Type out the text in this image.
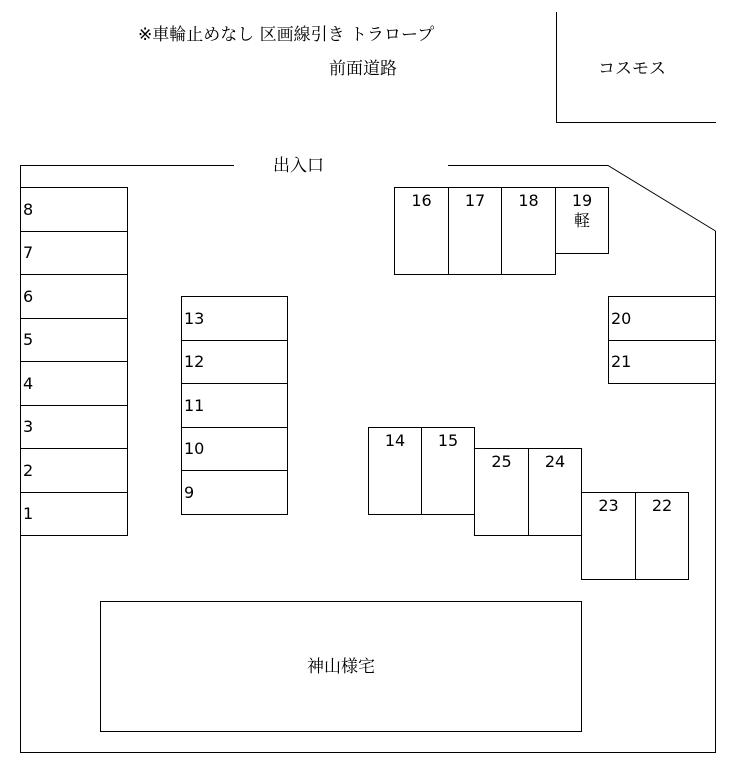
※車輪止めなし 区画線引き トラロープ
前面道路	コスモス
出入口
8
7
6
5
4
3
2
1
13
12
11
10
9
16	17	18	19
軽
20
21
14	15
25	24
23	22
神山様宅
